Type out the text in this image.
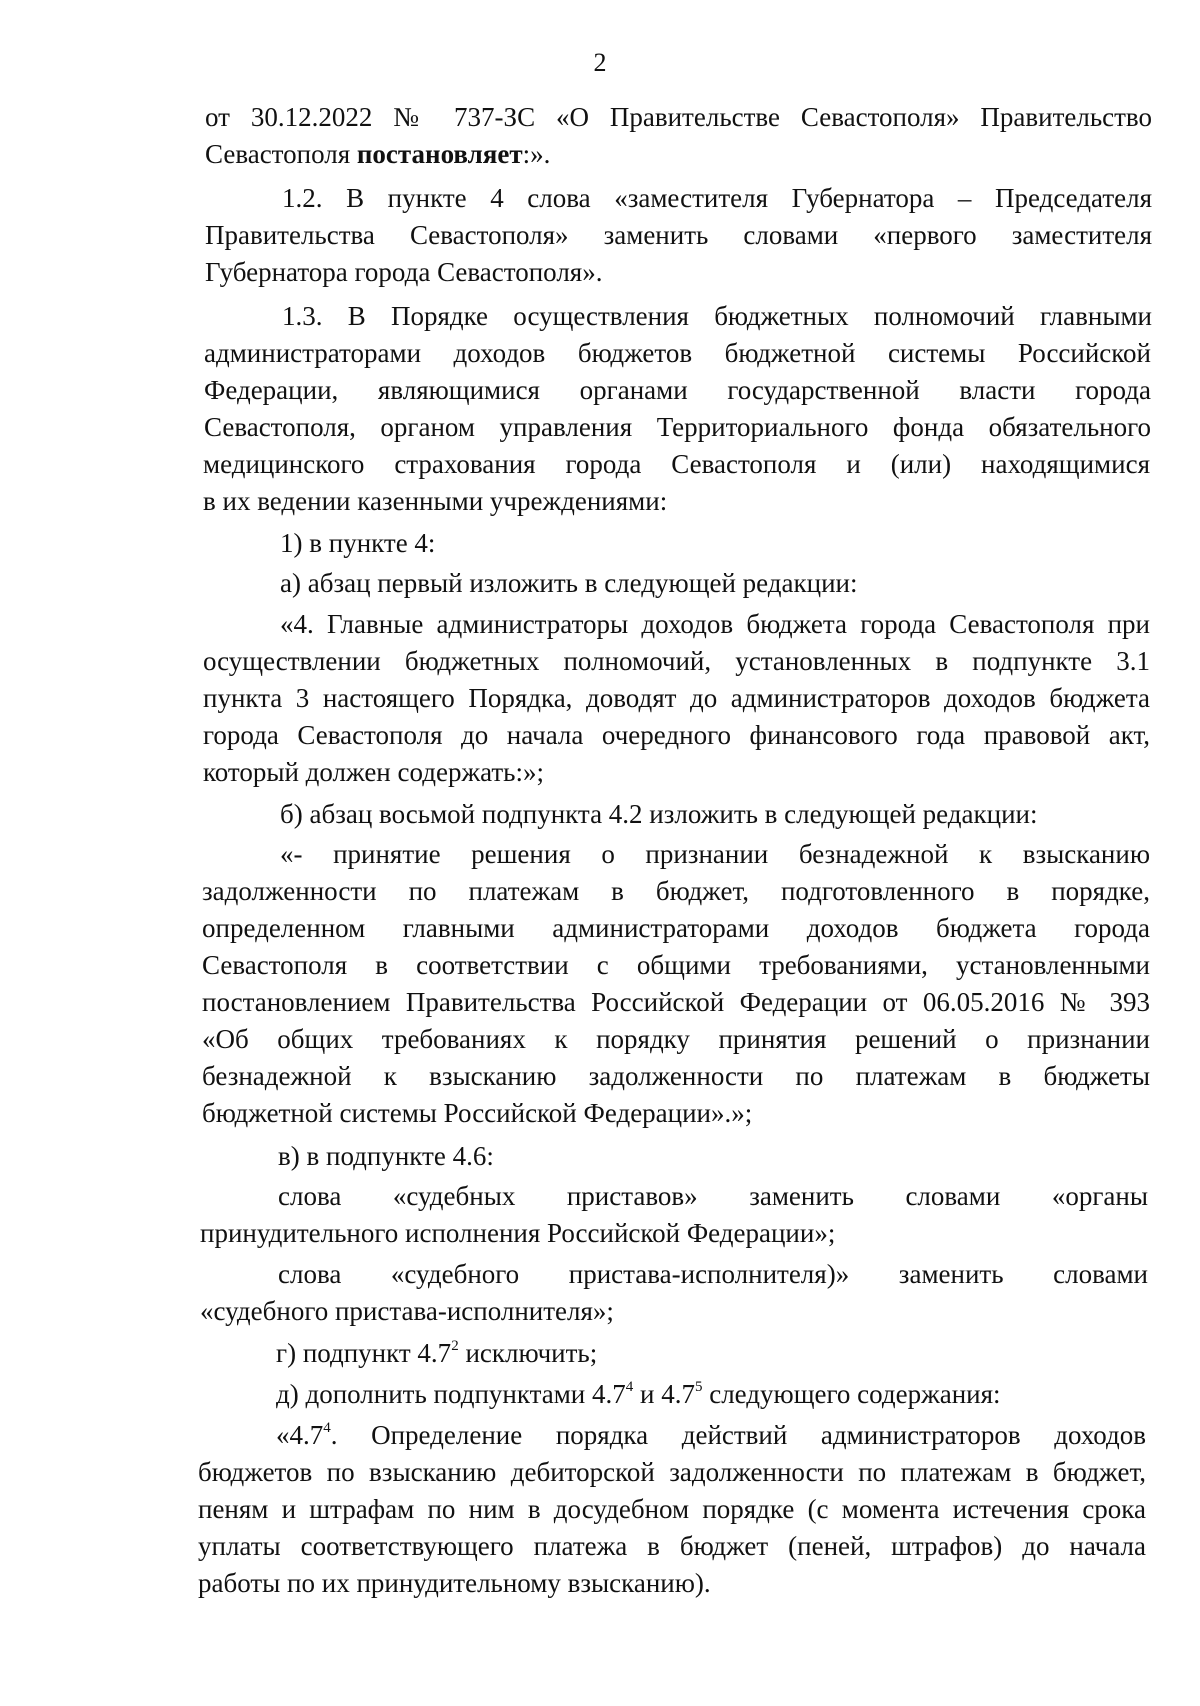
2
от 30.12.2022 № 737-ЗС «О Правительстве Севастополя» Правительство
Севастополя постановляет:».
1.2. В пункте 4 слова «заместителя Губернатора – Председателя
Правительства Севастополя» заменить словами «первого заместителя
Губернатора города Севастополя».
1.3. В Порядке осуществления бюджетных полномочий главными
администраторами доходов бюджетов бюджетной системы Российской
Федерации, являющимися органами государственной власти города
Севастополя, органом управления Территориального фонда обязательного
медицинского страхования города Севастополя и (или) находящимися
в их ведении казенными учреждениями:
1) в пункте 4:
а) абзац первый изложить в следующей редакции:
«4. Главные администраторы доходов бюджета города Севастополя при
осуществлении бюджетных полномочий, установленных в подпункте 3.1
пункта 3 настоящего Порядка, доводят до администраторов доходов бюджета
города Севастополя до начала очередного финансового года правовой акт,
который должен содержать:»;
б) абзац восьмой подпункта 4.2 изложить в следующей редакции:
«- принятие решения о признании безнадежной к взысканию
задолженности по платежам в бюджет, подготовленного в порядке,
определенном главными администраторами доходов бюджета города
Севастополя в соответствии с общими требованиями, установленными
постановлением Правительства Российской Федерации от 06.05.2016 № 393
«Об общих требованиях к порядку принятия решений о признании
безнадежной к взысканию задолженности по платежам в бюджеты
бюджетной системы Российской Федерации».»;
в) в подпункте 4.6:
слова «судебных приставов» заменить словами «органы
принудительного исполнения Российской Федерации»;
слова «судебного пристава-исполнителя)» заменить словами
«судебного пристава-исполнителя»;
г) подпункт $4.7^2$ исключить;
д) дополнить подпунктами $4.7^4$ и $4.7^5$ следующего содержания:
«$4.7^4$. Определение порядка действий администраторов доходов
бюджетов по взысканию дебиторской задолженности по платежам в бюджет,
пеням и штрафам по ним в досудебном порядке (с момента истечения срока
уплаты соответствующего платежа в бюджет (пеней, штрафов) до начала
работы по их принудительному взысканию).
